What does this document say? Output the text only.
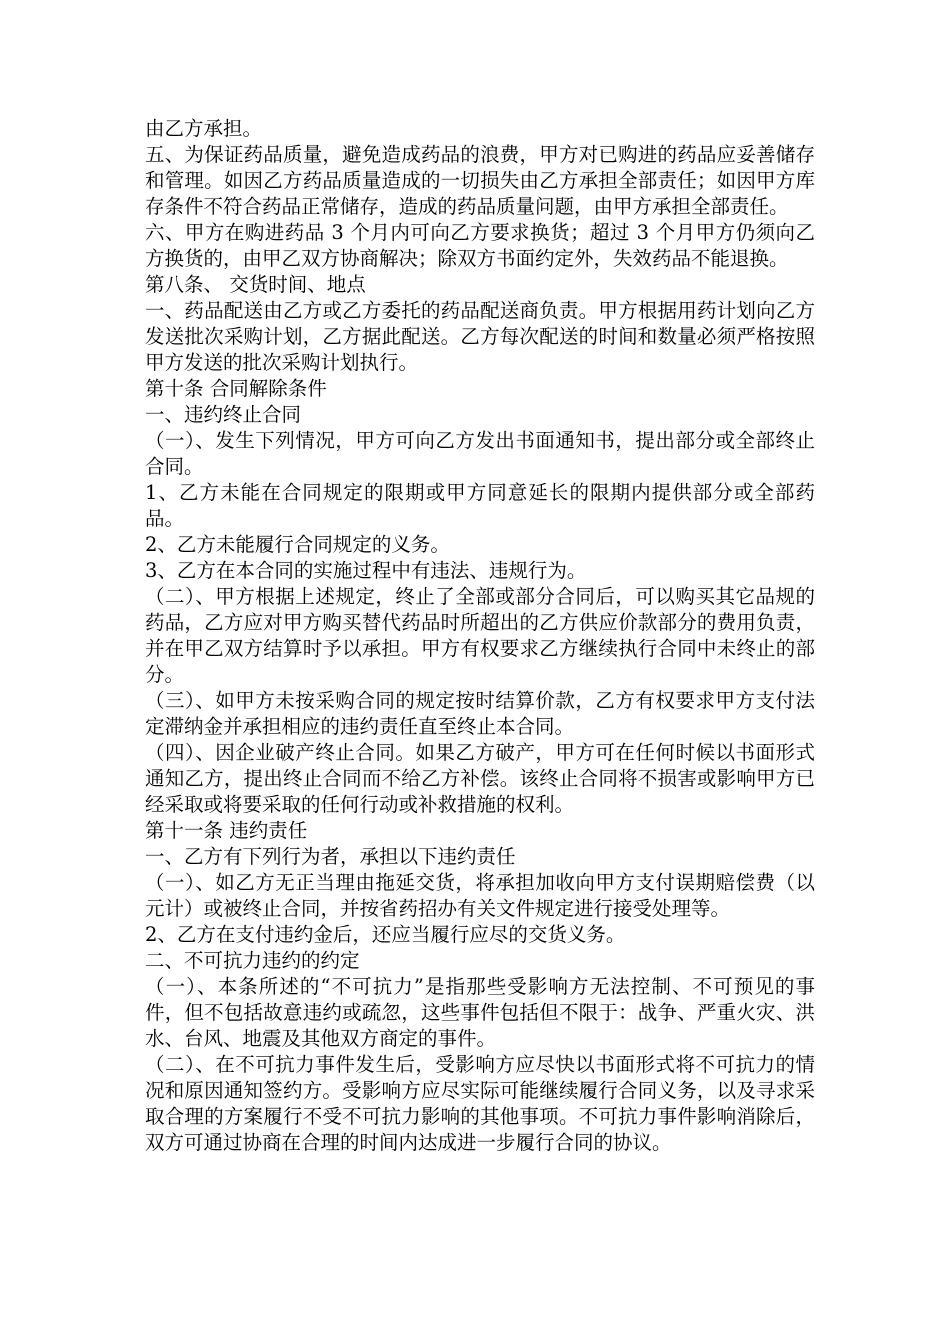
由乙方承担。

五、为保证药品质量，避免造成药品的浪费，甲方对已购进的药品应妥善储存和管理。如因乙方药品质量造成的一切损失由乙方承担全部责任；如因甲方库存条件不符合药品正常储存，造成的药品质量问题，由甲方承担全部责任。

六、甲方在购进药品 3 个月内可向乙方要求换货；超过 3 个月甲方仍须向乙方换货的，由甲乙双方协商解决；除双方书面约定外，失效药品不能退换。

第八条、 交货时间、地点

一、药品配送由乙方或乙方委托的药品配送商负责。甲方根据用药计划向乙方发送批次采购计划，乙方据此配送。乙方每次配送的时间和数量必须严格按照甲方发送的批次采购计划执行。

第十条 合同解除条件

一、违约终止合同

（一）、发生下列情况，甲方可向乙方发出书面通知书，提出部分或全部终止合同。

1、乙方未能在合同规定的限期或甲方同意延长的限期内提供部分或全部药品。

2、乙方未能履行合同规定的义务。

3、乙方在本合同的实施过程中有违法、违规行为。

（二）、甲方根据上述规定，终止了全部或部分合同后，可以购买其它品规的药品，乙方应对甲方购买替代药品时所超出的乙方供应价款部分的费用负责，并在甲乙双方结算时予以承担。甲方有权要求乙方继续执行合同中未终止的部分。

（三）、如甲方未按采购合同的规定按时结算价款，乙方有权要求甲方支付法定滞纳金并承担相应的违约责任直至终止本合同。

（四）、因企业破产终止合同。如果乙方破产，甲方可在任何时候以书面形式通知乙方，提出终止合同而不给乙方补偿。该终止合同将不损害或影响甲方已经采取或将要采取的任何行动或补救措施的权利。

第十一条 违约责任

一、乙方有下列行为者，承担以下违约责任

（一）、如乙方无正当理由拖延交货，将承担加收向甲方支付误期赔偿费（以　元计）或被终止合同，并按省药招办有关文件规定进行接受处理等。

2、乙方在支付违约金后，还应当履行应尽的交货义务。

二、不可抗力违约的约定

（一）、本条所述的“不可抗力”是指那些受影响方无法控制、不可预见的事件，但不包括故意违约或疏忽，这些事件包括但不限于：战争、严重火灾、洪水、台风、地震及其他双方商定的事件。

（二）、在不可抗力事件发生后，受影响方应尽快以书面形式将不可抗力的情况和原因通知签约方。受影响方应尽实际可能继续履行合同义务，以及寻求采取合理的方案履行不受不可抗力影响的其他事项。不可抗力事件影响消除后，双方可通过协商在合理的时间内达成进一步履行合同的协议。
